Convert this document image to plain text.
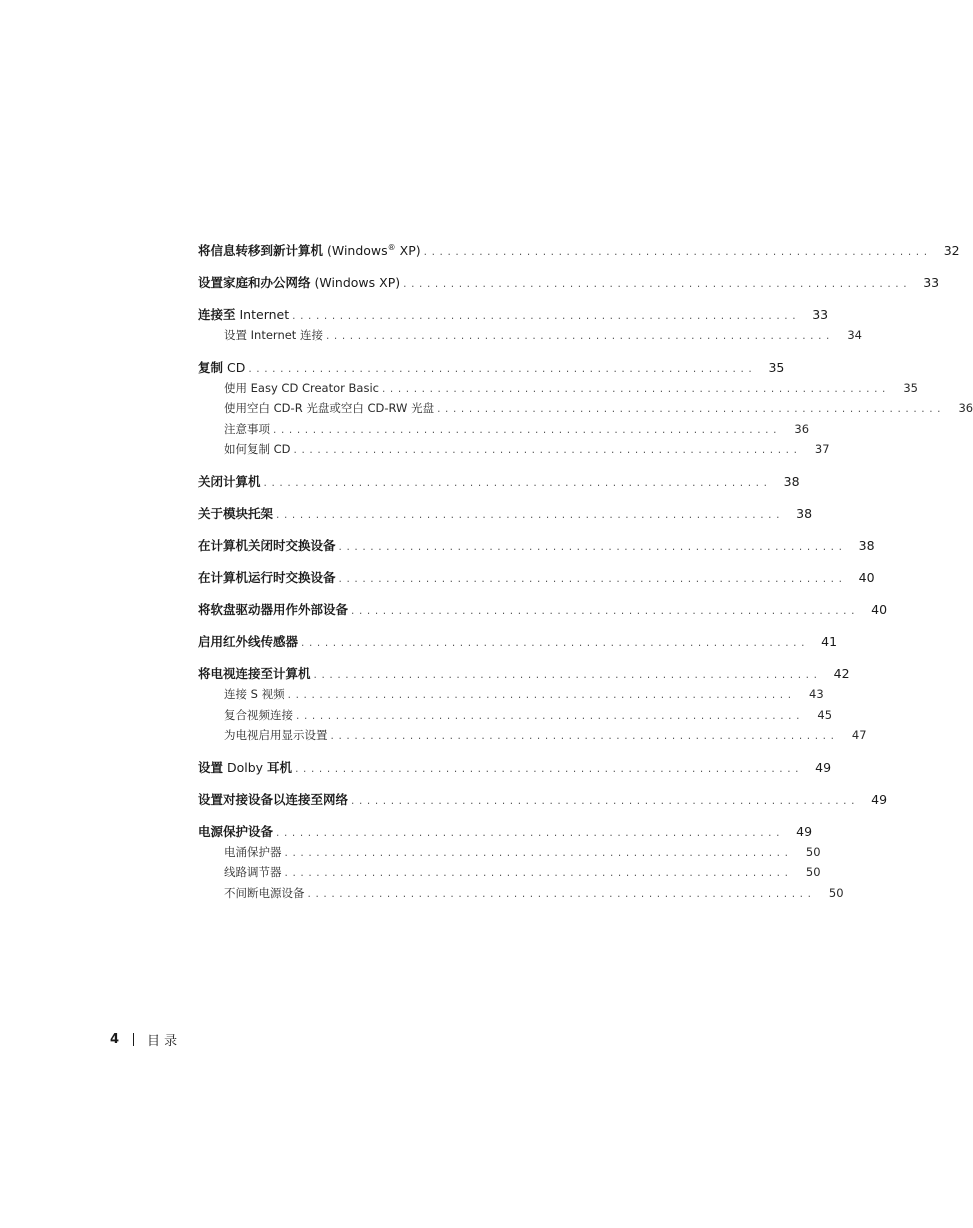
将信息转移到新计算机 (Windows® XP) ................................................................ 32
设置家庭和办公网络 (Windows XP) ................................................................ 33
连接至 Internet ................................................................ 33
设置 Internet 连接 ................................................................	34
复制 CD ................................................................ 35
使用 Easy CD Creator Basic ................................................................	35
使用空白 CD-R 光盘或空白 CD-RW 光盘 ................................................................	36
注意事项 ................................................................	36
如何复制 CD ................................................................	37
关闭计算机 ................................................................ 38
关于模块托架 ................................................................ 38
在计算机关闭时交换设备 ................................................................ 38
在计算机运行时交换设备 ................................................................ 40
将软盘驱动器用作外部设备 ................................................................ 40
启用红外线传感器 ................................................................ 41
将电视连接至计算机 ................................................................ 42
连接 S 视频 ................................................................	43
复合视频连接 ................................................................	45
为电视启用显示设置 ................................................................	47
设置 Dolby 耳机 ................................................................ 49
设置对接设备以连接至网络 ................................................................ 49
电源保护设备 ................................................................ 49
电涌保护器 ................................................................	50
线路调节器 ................................................................	50
不间断电源设备 ................................................................	50
4 目 录
